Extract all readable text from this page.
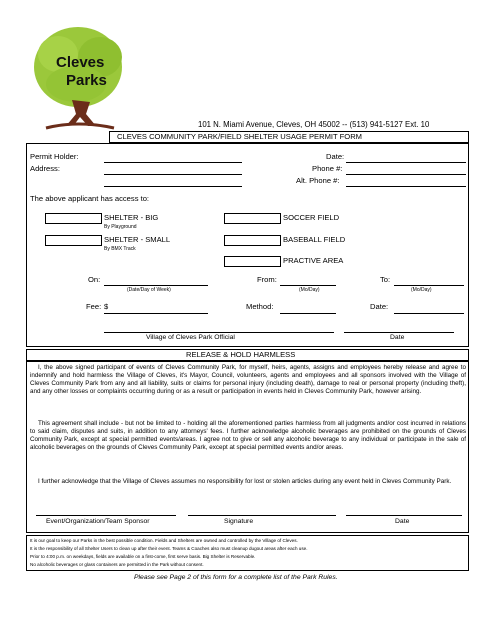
Cleves
Parks
101 N. Miami Avenue, Cleves, OH 45002 -- (513) 941-5127 Ext. 10
CLEVES COMMUNITY PARK/FIELD SHELTER USAGE PERMIT FORM
Permit Holder:
Address:
Date:
Phone #:
Alt. Phone #:
The above applicant has access to:
SHELTER - BIG
By Playground
SHELTER - SMALL
By BMX Track
SOCCER FIELD
BASEBALL FIELD
PRACTIVE AREA
On:
(Date/Day of Week)
From:
(Mo/Day)
To:
(Mo/Day)
Fee: $	Method:	Date:
Village of Cleves Park Official	Date
RELEASE & HOLD HARMLESS
I, the above signed participant of events of Cleves Community Park, for myself, heirs, agents, assigns and employees hereby release and agree to indemnify and hold harmless the Village of Cleves, it's Mayor, Council, volunteers, agents and employees and all sponsors involved with the Village of Cleves Community Park from any and all liability, suits or claims for personal injury (including death), damage to real or personal property (including theft), and any other losses or complaints occurring during or as a result or participation in events held in Cleves Community Park, however arising.
This agreement shall include - but not be limited to - holding all the aforementioned parties harmless from all judgments and/or cost incurred in relations to said claim, disputes and suits, in addition to any attorneys' fees. I further acknowledge alcoholic beverages are prohibited on the grounds of Cleves Community Park, except at special permitted events/areas. I agree not to give or sell any alcoholic beverage to any individual or participate in the sale of alcoholic beverages on the grounds of Cleves Community Park, except at special permitted events and/or areas.
I further acknowledge that the Village of Cleves assumes no responsibility for lost or stolen articles during any event held in Cleves Community Park.
Event/Organization/Team Sponsor	Signature	Date
It is our goal to keep our Parks in the best possible condition. Fields and Shelters are owned and controlled by the Village of Cleves.
It is the responsibility of all Shelter Users to clean up after their event. Teams & Coaches also must cleanup dugout areas after each use.
Prior to 4:00 p.m. on weekdays, fields are available on a first-come, first serve basis. Big Shelter is Reservable.
No alcoholic beverages or glass containers are permitted in the Park without consent.
Please see Page 2 of this form for a complete list of the Park Rules.
